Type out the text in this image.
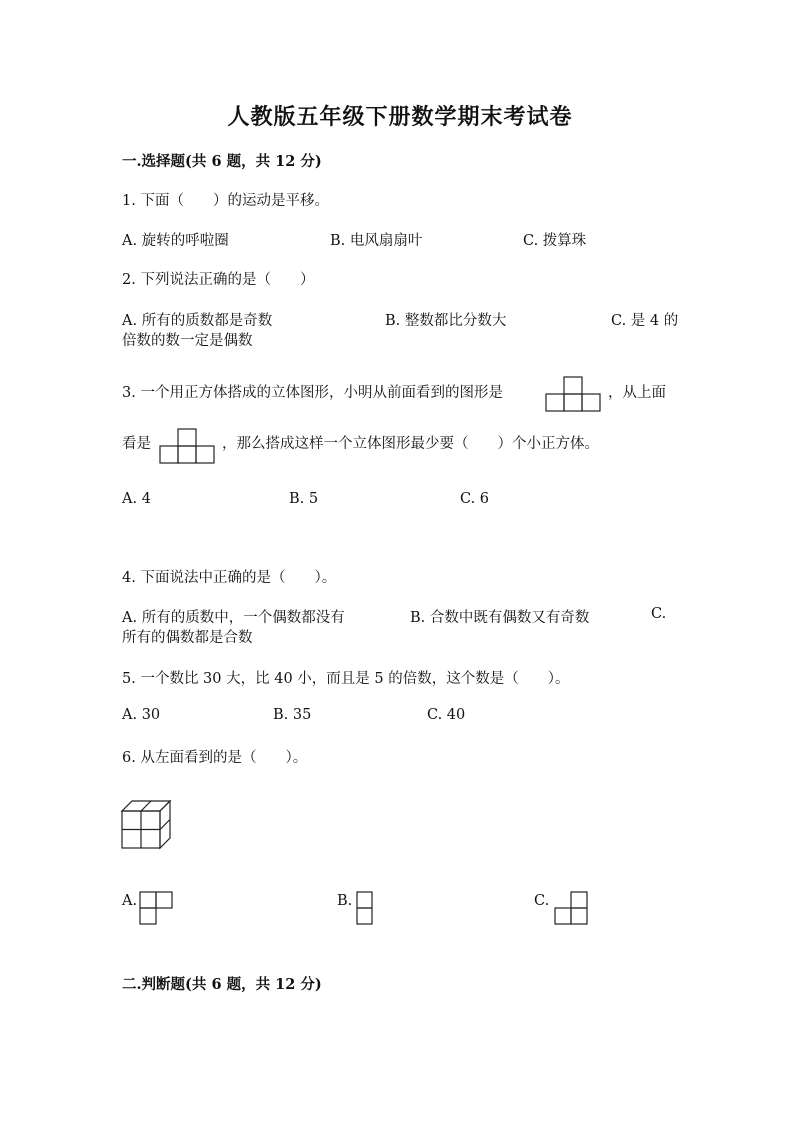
人教版五年级下册数学期末考试卷
一.选择题(共 6 题，共 12 分)
1. 下面（　　）的运动是平移。
A. 旋转的呼啦圈	B. 电风扇扇叶	C. 拨算珠
2. 下列说法正确的是（　　）
A. 所有的质数都是奇数	B. 整数都比分数大	C. 是 4 的
倍数的数一定是偶数
3. 一个用正方体搭成的立体图形，小明从前面看到的图形是	，从上面
看是	，那么搭成这样一个立体图形最少要（　　）个小正方体。
A. 4	B. 5	C. 6
4. 下面说法中正确的是（　　）。
A. 所有的质数中，一个偶数都没有	B. 合数中既有偶数又有奇数	C.
所有的偶数都是合数
5. 一个数比 30 大，比 40 小，而且是 5 的倍数，这个数是（　　）。
A. 30	B. 35	C. 40
6. 从左面看到的是（　　）。
A.	B.	C.
二.判断题(共 6 题，共 12 分)
